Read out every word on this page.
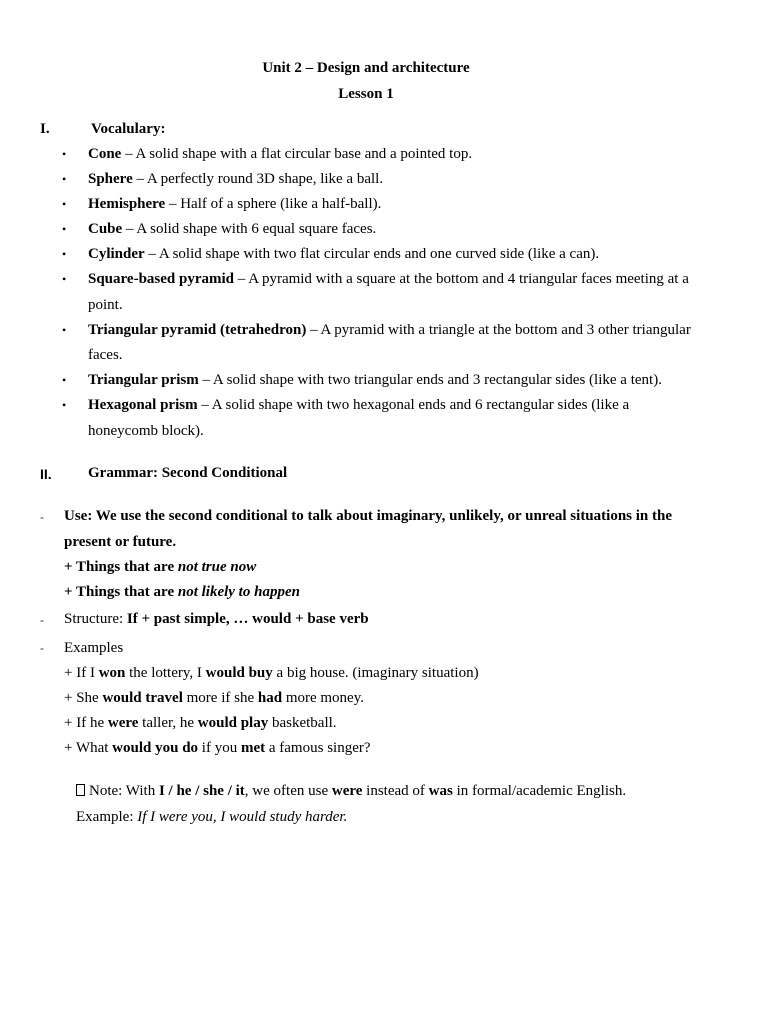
Unit 2 – Design and architecture
Lesson 1
I.	Vocalulary:
• Cone – A solid shape with a flat circular base and a pointed top.
• Sphere – A perfectly round 3D shape, like a ball.
• Hemisphere – Half of a sphere (like a half-ball).
• Cube – A solid shape with 6 equal square faces.
• Cylinder – A solid shape with two flat circular ends and one curved side (like a can).
• Square-based pyramid – A pyramid with a square at the bottom and 4 triangular faces meeting at a
point.
• Triangular pyramid (tetrahedron) – A pyramid with a triangle at the bottom and 3 other triangular
faces.
• Triangular prism – A solid shape with two triangular ends and 3 rectangular sides (like a tent).
• Hexagonal prism – A solid shape with two hexagonal ends and 6 rectangular sides (like a
honeycomb block).
II. Grammar: Second Conditional
- Use: We use the second conditional to talk about imaginary, unlikely, or unreal situations in the
present or future.
+ Things that are not true now
+ Things that are not likely to happen
- Structure: If + past simple, … would + base verb
- Examples
+ If I won the lottery, I would buy a big house. (imaginary situation)
+ She would travel more if she had more money.
+ If he were taller, he would play basketball.
+ What would you do if you met a famous singer?
Note: With I / he / she / it, we often use were instead of was in formal/academic English.
Example: If I were you, I would study harder.
